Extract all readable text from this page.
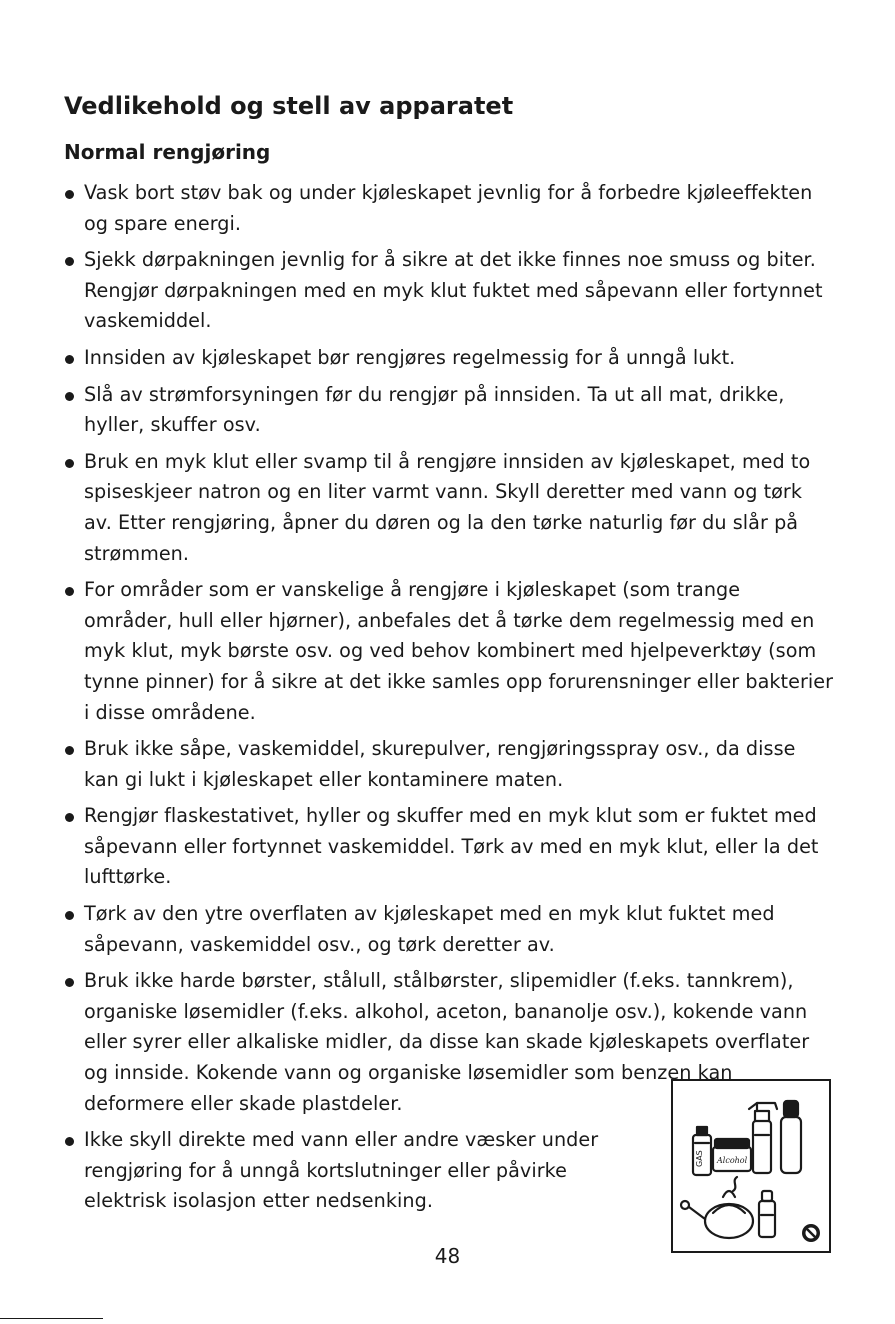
Vedlikehold og stell av apparatet
Normal rengjøring
Vask bort støv bak og under kjøleskapet jevnlig for å forbedre kjøleeffekten og spare energi.
Sjekk dørpakningen jevnlig for å sikre at det ikke finnes noe smuss og biter. Rengjør dørpakningen med en myk klut fuktet med såpevann eller fortynnet vaskemiddel.
Innsiden av kjøleskapet bør rengjøres regelmessig for å unngå lukt.
Slå av strømforsyningen før du rengjør på innsiden. Ta ut all mat, drikke, hyller, skuffer osv.
Bruk en myk klut eller svamp til å rengjøre innsiden av kjøleskapet, med to spiseskjeer natron og en liter varmt vann. Skyll deretter med vann og tørk av. Etter rengjøring, åpner du døren og la den tørke naturlig før du slår på strømmen.
For områder som er vanskelige å rengjøre i kjøleskapet (som trange områder, hull eller hjørner), anbefales det å tørke dem regelmessig med en myk klut, myk børste osv. og ved behov kombinert med hjelpeverktøy (som tynne pinner) for å sikre at det ikke samles opp forurensninger eller bakterier i disse områdene.
Bruk ikke såpe, vaskemiddel, skurepulver, rengjøringsspray osv., da disse kan gi lukt i kjøleskapet eller kontaminere maten.
Rengjør flaskestativet, hyller og skuffer med en myk klut som er fuktet med såpevann eller fortynnet vaskemiddel. Tørk av med en myk klut, eller la det lufttørke.
Tørk av den ytre overflaten av kjøleskapet med en myk klut fuktet med såpevann, vaskemiddel osv., og tørk deretter av.
Bruk ikke harde børster, stålull, stålbørster, slipemidler (f.eks. tannkrem), organiske løsemidler (f.eks. alkohol, aceton, bananolje osv.), kokende vann eller syrer eller alkaliske midler, da disse kan skade kjøleskapets overflater og innside. Kokende vann og organiske løsemidler som benzen kan deformere eller skade plastdeler.
Ikke skyll direkte med vann eller andre væsker under rengjøring for å unngå kortslutninger eller påvirke elektrisk isolasjon etter nedsenking.
GAS Alcohol
48
